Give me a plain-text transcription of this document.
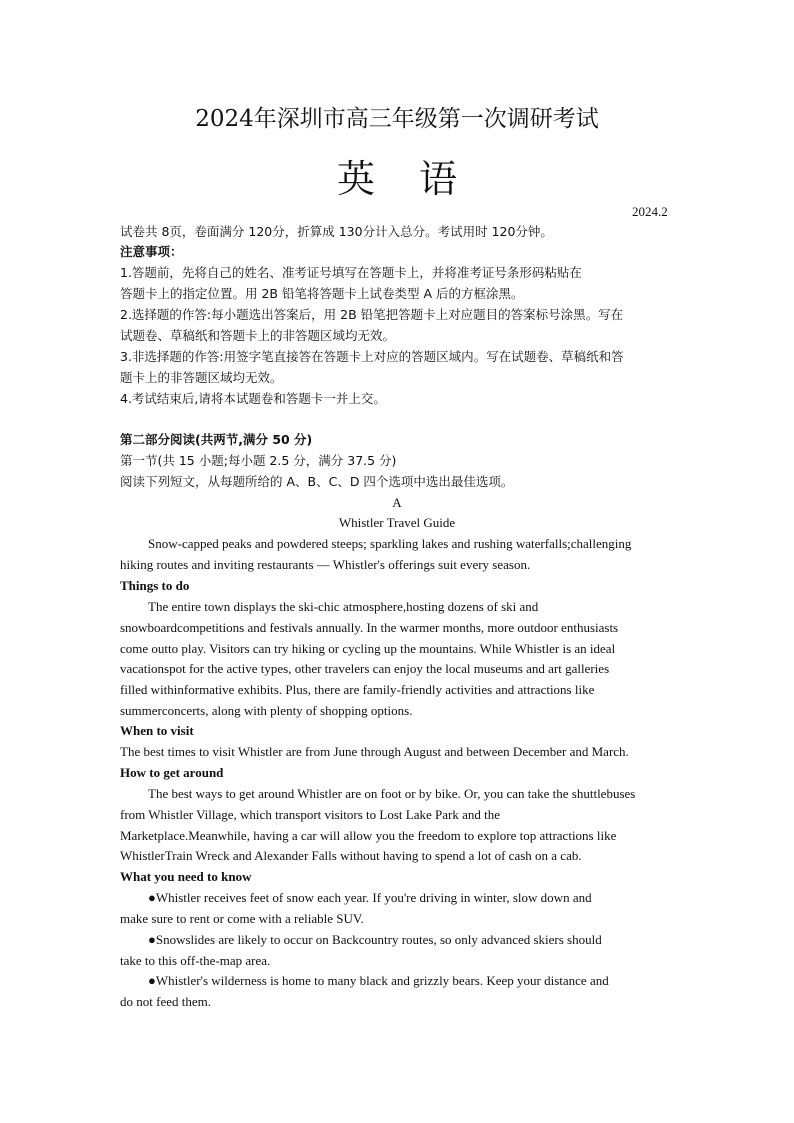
2024年深圳市高三年级第一次调研考试
英语
2024.2
试卷共 8页，卷面满分 120分，折算成 130分计入总分。考试用时 120分钟。
注意事项：
1.答题前，先将自己的姓名、准考证号填写在答题卡上，并将准考证号条形码粘贴在
答题卡上的指定位置。用 2B 铅笔将答题卡上试卷类型 A 后的方框涂黑。
2.选择题的作答:每小题选出答案后，用 2B 铅笔把答题卡上对应题目的答案标号涂黑。写在
试题卷、草稿纸和答题卡上的非答题区域均无效。
3.非选择题的作答:用签字笔直接答在答题卡上对应的答题区域内。写在试题卷、草稿纸和答
题卡上的非答题区域均无效。
4.考试结束后,请将本试题卷和答题卡一并上交。
第二部分阅读(共两节,满分 50 分)
第一节(共 15 小题;每小题 2.5 分，满分 37.5 分)
阅读下列短文，从每题所给的 A、B、C、D 四个选项中选出最佳选项。
A
Whistler Travel Guide
Snow-capped peaks and powdered steeps; sparkling lakes and rushing waterfalls;challenging
hiking routes and inviting restaurants — Whistler's offerings suit every season.
Things to do
The entire town displays the ski-chic atmosphere,hosting dozens of ski and
snowboardcompetitions and festivals annually. In the warmer months, more outdoor enthusiasts
come outto play. Visitors can try hiking or cycling up the mountains. While Whistler is an ideal
vacationspot for the active types, other travelers can enjoy the local museums and art galleries
filled withinformative exhibits. Plus, there are family-friendly activities and attractions like
summerconcerts, along with plenty of shopping options.
When to visit
The best times to visit Whistler are from June through August and between December and March.
How to get around
The best ways to get around Whistler are on foot or by bike. Or, you can take the shuttlebuses
from Whistler Village, which transport visitors to Lost Lake Park and the
Marketplace.Meanwhile, having a car will allow you the freedom to explore top attractions like
WhistlerTrain Wreck and Alexander Falls without having to spend a lot of cash on a cab.
What you need to know
●Whistler receives feet of snow each year. If you're driving in winter, slow down and
make sure to rent or come with a reliable SUV.
●Snowslides are likely to occur on Backcountry routes, so only advanced skiers should
take to this off-the-map area.
●Whistler's wilderness is home to many black and grizzly bears. Keep your distance and
do not feed them.
